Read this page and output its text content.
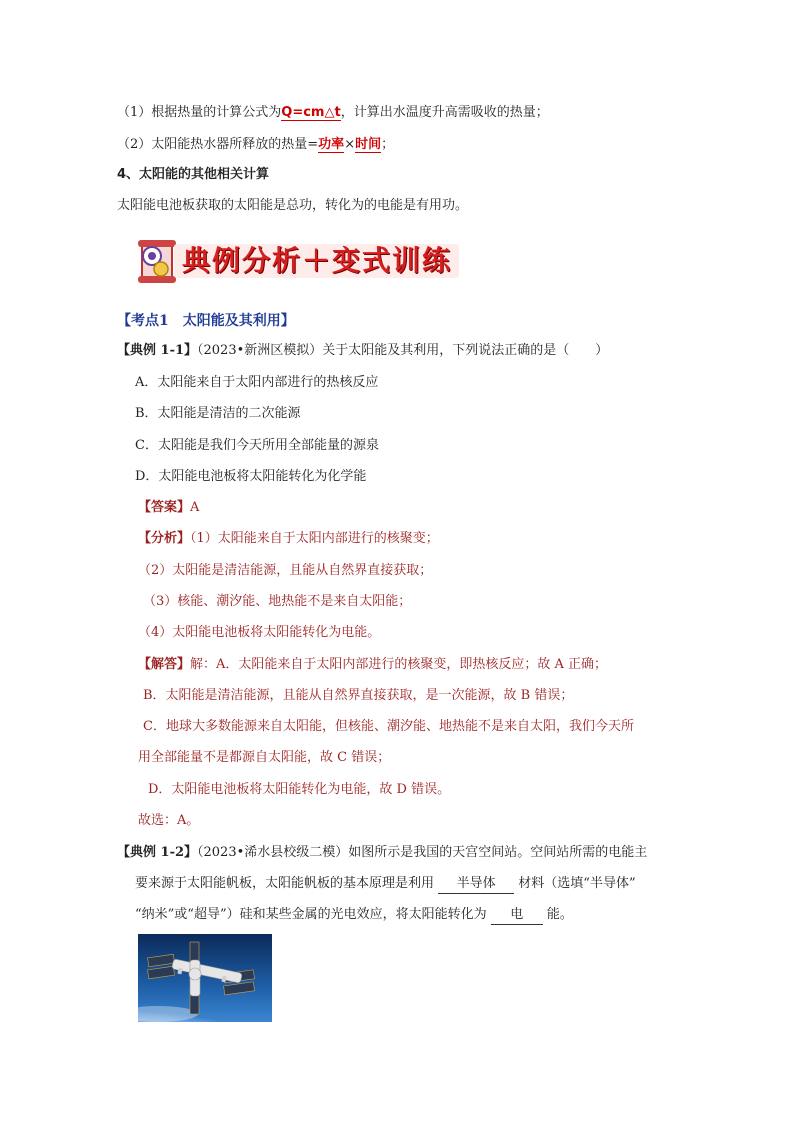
（1）根据热量的计算公式为Q=cm△t，计算出水温度升高需吸收的热量；
（2）太阳能热水器所释放的热量=功率×时间；
4、太阳能的其他相关计算
太阳能电池板获取的太阳能是总功，转化为的电能是有用功。
典例分析＋变式训练
【考点1　太阳能及其利用】
【典例 1-1】（2023•新洲区模拟）关于太阳能及其利用，下列说法正确的是（　　）
A．太阳能来自于太阳内部进行的热核反应
B．太阳能是清洁的二次能源
C．太阳能是我们今天所用全部能量的源泉
D．太阳能电池板将太阳能转化为化学能
【答案】A
【分析】（1）太阳能来自于太阳内部进行的核聚变；
（2）太阳能是清洁能源，且能从自然界直接获取；
（3）核能、潮汐能、地热能不是来自太阳能；
（4）太阳能电池板将太阳能转化为电能。
【解答】解：A．太阳能来自于太阳内部进行的核聚变，即热核反应；故 A 正确；
B．太阳能是清洁能源，且能从自然界直接获取，是一次能源，故 B 错误；
C．地球大多数能源来自太阳能，但核能、潮汐能、地热能不是来自太阳，我们今天所
用全部能量不是都源自太阳能，故 C 错误；
D．太阳能电池板将太阳能转化为电能，故 D 错误。
故选：A。
【典例 1-2】（2023•浠水县校级二模）如图所示是我国的天宫空间站。空间站所需的电能主
要来源于太阳能帆板，太阳能帆板的基本原理是利用 半导体 材料（选填“半导体”
“纳米”或“超导”）硅和某些金属的光电效应，将太阳能转化为 电 能。
